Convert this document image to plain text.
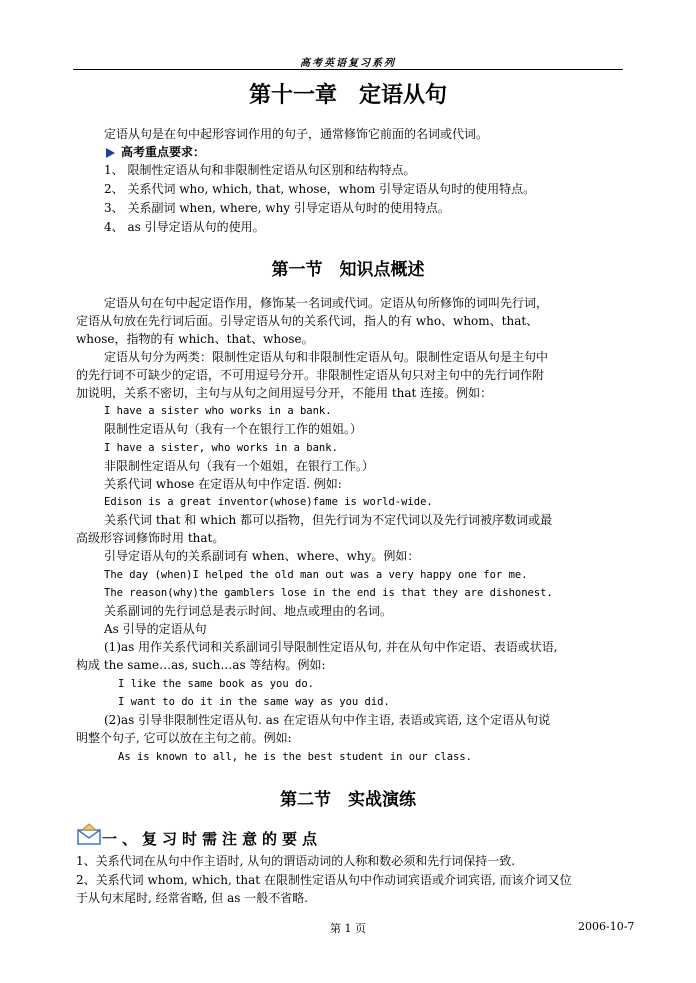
高考英语复习系列
第十一章　定语从句
定语从句是在句中起形容词作用的句子，通常修饰它前面的名词或代词。
高考重点要求：
1、 限制性定语从句和非限制性定语从句区别和结构特点。
2、 关系代词 who, which, that, whose，whom 引导定语从句时的使用特点。
3、 关系副词 when, where, why 引导定语从句时的使用特点。
4、 as 引导定语从句的使用。
第一节　知识点概述
定语从句在句中起定语作用，修饰某一名词或代词。定语从句所修饰的词叫先行词，
定语从句放在先行词后面。引导定语从句的关系代词，指人的有 who、whom、that、
whose，指物的有 which、that、whose。
定语从句分为两类：限制性定语从句和非限制性定语从句。限制性定语从句是主句中
的先行词不可缺少的定语，不可用逗号分开。非限制性定语从句只对主句中的先行词作附
加说明，关系不密切，主句与从句之间用逗号分开，不能用 that 连接。例如：
I have a sister who works in a bank.
限制性定语从句（我有一个在银行工作的姐姐。）
I have a sister, who works in a bank.
非限制性定语从句（我有一个姐姐，在银行工作。）
关系代词 whose 在定语从句中作定语. 例如:
Edison is a great inventor(whose)fame is world-wide.
关系代词 that 和 which 都可以指物，但先行词为不定代词以及先行词被序数词或最
高级形容词修饰时用 that。
引导定语从句的关系副词有 when、where、why。例如：
The day (when)I helped the old man out was a very happy one for me.
The reason(why)the gamblers lose in the end is that they are dishonest.
关系副词的先行词总是表示时间、地点或理由的名词。
As 引导的定语从句
(1)as 用作关系代词和关系副词引导限制性定语从句, 并在从句中作定语、表语或状语,
构成 the same…as, such…as 等结构。例如:
I like the same book as you do.
I want to do it in the same way as you did.
(2)as 引导非限制性定语从句. as 在定语从句中作主语, 表语或宾语, 这个定语从句说
明整个句子, 它可以放在主句之前。例如:
As is known to all, he is the best student in our class.
第二节　实战演练
一、复习时需注意的要点
1、关系代词在从句中作主语时, 从句的谓语动词的人称和数必须和先行词保持一致.
2、关系代词 whom, which, that 在限制性定语从句中作动词宾语或介词宾语, 而该介词又位
于从句末尾时, 经常省略, 但 as 一般不省略.
第 1 页	2006-10-7
